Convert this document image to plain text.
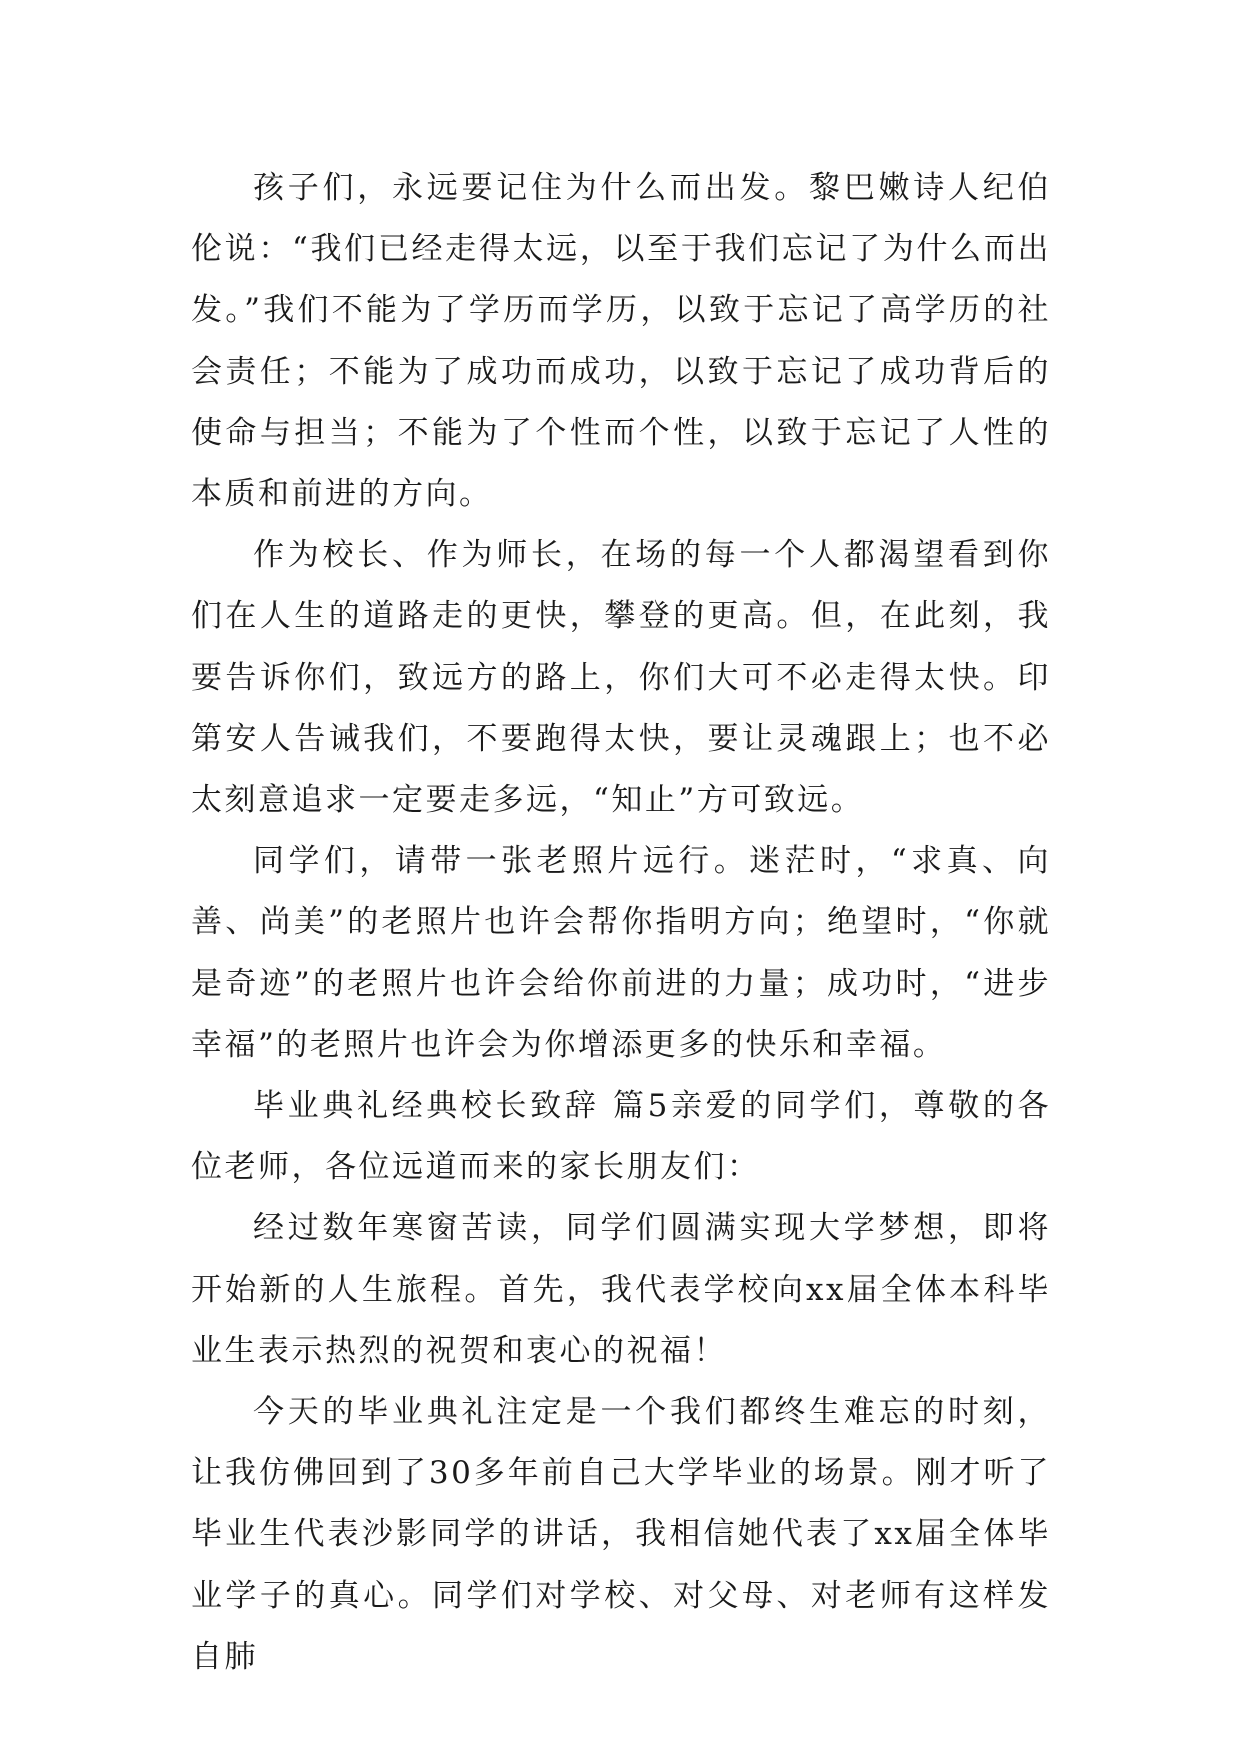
孩子们，永远要记住为什么而出发。黎巴嫩诗人纪伯伦说：“我们已经走得太远，以至于我们忘记了为什么而出发。”我们不能为了学历而学历，以致于忘记了高学历的社会责任；不能为了成功而成功，以致于忘记了成功背后的使命与担当；不能为了个性而个性，以致于忘记了人性的本质和前进的方向。

作为校长、作为师长，在场的每一个人都渴望看到你们在人生的道路走的更快，攀登的更高。但，在此刻，我要告诉你们，致远方的路上，你们大可不必走得太快。印第安人告诫我们，不要跑得太快，要让灵魂跟上；也不必太刻意追求一定要走多远，“知止”方可致远。

同学们，请带一张老照片远行。迷茫时，“求真、向善、尚美”的老照片也许会帮你指明方向；绝望时，“你就是奇迹”的老照片也许会给你前进的力量；成功时，“进步幸福”的老照片也许会为你增添更多的快乐和幸福。

毕业典礼经典校长致辞 篇5亲爱的同学们，尊敬的各位老师，各位远道而来的家长朋友们：

经过数年寒窗苦读，同学们圆满实现大学梦想，即将开始新的人生旅程。首先，我代表学校向xx届全体本科毕业生表示热烈的祝贺和衷心的祝福！

今天的毕业典礼注定是一个我们都终生难忘的时刻，让我仿佛回到了30多年前自己大学毕业的场景。刚才听了毕业生代表沙影同学的讲话，我相信她代表了xx届全体毕业学子的真心。同学们对学校、对父母、对老师有这样发自肺
